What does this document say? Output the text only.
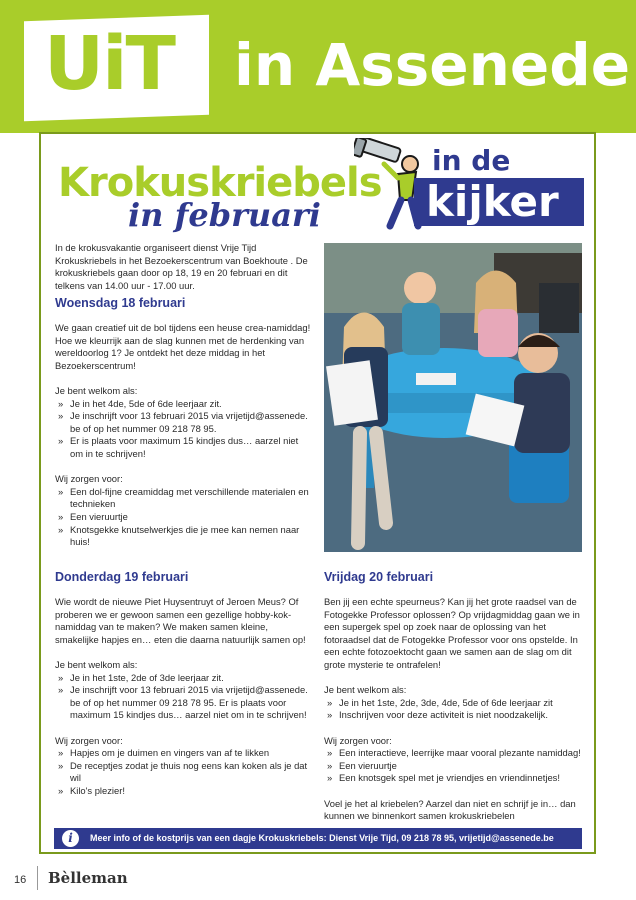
UiT in Assenede
Krokuskriebels
in februari
in de
kijker
In de krokusvakantie organiseert dienst Vrije Tijd Krokuskriebels in het Bezoekerscentrum van Boekhoute . De krokuskriebels gaan door op 18, 19 en 20 februari en dit telkens van 14.00 uur - 17.00 uur.
Woensdag 18 februari

We gaan creatief uit de bol tijdens een heuse crea-namiddag! Hoe we kleurrijk aan de slag kunnen met de herdenking van wereldoorlog 1? Je ontdekt het deze middag in het Bezoekerscentrum!

Je bent welkom als:

» Je in het 4de, 5de of 6de leerjaar zit.
» Je inschrijft voor 13 februari 2015 via vrijetijd@assenede. be of op het nummer 09 218 78 95.
» Er is plaats voor maximum 15 kindjes dus… aarzel niet om in te schrijven!

Wij zorgen voor:

» Een dol-fijne creamiddag met verschillende materialen en technieken
» Een vieruurtje
» Knotsgekke knutselwerkjes die je mee kan nemen naar huis!
Donderdag 19 februari

Wie wordt de nieuwe Piet Huysentruyt of Jeroen Meus? Of proberen we er gewoon samen een gezellige hobby-kok-namiddag van te maken? We maken samen kleine, smakelijke hapjes en… eten die daarna natuurlijk samen op!

Je bent welkom als:

» Je in het 1ste, 2de of 3de leerjaar zit.
» Je inschrijft voor 13 februari 2015 via vrijetijd@assenede. be of op het nummer 09 218 78 95. Er is plaats voor maximum 15 kindjes dus… aarzel niet om in te schrijven!

Wij zorgen voor:

» Hapjes om je duimen en vingers van af te likken
» De receptjes zodat je thuis nog eens kan koken als je dat wil
» Kilo's plezier!
Vrijdag 20 februari

Ben jij een echte speurneus? Kan jij het grote raadsel van de Fotogekke Professor oplossen? Op vrijdagmiddag gaan we in een supergek spel op zoek naar de oplossing van het fotoraadsel dat de Fotogekke Professor voor ons opstelde. In een echte fotozoektocht gaan we samen aan de slag om dit grote mysterie te ontrafelen!

Je bent welkom als:

» Je in het 1ste, 2de, 3de, 4de, 5de of 6de leerjaar zit
» Inschrijven voor deze activiteit is niet noodzakelijk.

Wij zorgen voor:

» Een interactieve, leerrijke maar vooral plezante namiddag!
» Een vieruurtje
» Een knotsgek spel met je vriendjes en vriendinnetjes!

Voel je het al kriebelen? Aarzel dan niet en schrijf je in… dan kunnen we binnenkort samen krokuskriebelen

i	Meer info of de kostprijs van een dagje Krokuskriebels: Dienst Vrije Tijd, 09 218 78 95, vrijetijd@assenede.be
16 Bèlleman
